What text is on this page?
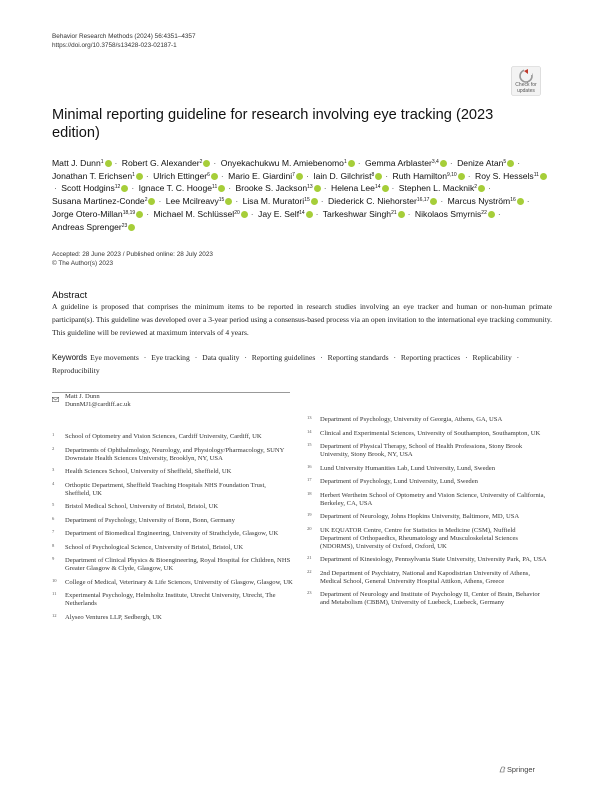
Behavior Research Methods (2024) 56:4351–4357
https://doi.org/10.3758/s13428-023-02187-1
Check for
updates
Minimal reporting guideline for research involving eye tracking (2023 edition)
Matt J. Dunn$^1$ · Robert G. Alexander$^2$ · Onyekachukwu M. Amiebenomo$^1$ · Gemma Arblaster$^{3,4}$ · Denize Atan$^5$ · Jonathan T. Erichsen$^1$ · Ulrich Ettinger$^6$ · Mario E. Giardini$^7$ · Iain D. Gilchrist$^8$ · Ruth Hamilton$^{9,10}$ · Roy S. Hessels$^{11}$· Scott Hodgins$^{12}$ · Ignace T. C. Hooge$^{11}$ · Brooke S. Jackson$^{13}$ · Helena Lee$^{14}$ · Stephen L. Macknik$^2$ · Susana Martinez-Conde$^2$ · Lee Mcilreavy$^{15}$ · Lisa M. Muratori$^{15}$ · Diederick C. Niehorster$^{16,17}$ · Marcus Nyström$^{16}$ · Jorge Otero-Millan$^{18,19}$ · Michael M. Schlüssel$^{20}$ · Jay E. Self$^{14}$ · Tarkeshwar Singh$^{21}$ · Nikolaos Smyrnis$^{22}$ · Andreas Sprenger$^{23}$
Accepted: 28 June 2023 / Published online: 28 July 2023
© The Author(s) 2023
Abstract
A guideline is proposed that comprises the minimum items to be reported in research studies involving an eye tracker and human or non-human primate participant(s). This guideline was developed over a 3-year period using a consensus-based process via an open invitation to the international eye tracking community. This guideline will be reviewed at maximum intervals of 4 years.
Keywords Eye movements · Eye tracking · Data quality · Reporting guidelines · Reporting standards · Reporting practices · Replicability · Reproducibility
Matt J. Dunn
DunnMJ1@cardiff.ac.uk
1 School of Optometry and Vision Sciences, Cardiff University, Cardiff, UK
2 Departments of Ophthalmology, Neurology, and Physiology/Pharmacology, SUNY Downstate Health Sciences University, Brooklyn, NY, USA
3 Health Sciences School, University of Sheffield, Sheffield, UK
4 Orthoptic Department, Sheffield Teaching Hospitals NHS Foundation Trust, Sheffield, UK
5 Bristol Medical School, University of Bristol, Bristol, UK
6 Department of Psychology, University of Bonn, Bonn, Germany
7 Department of Biomedical Engineering, University of Strathclyde, Glasgow, UK
8 School of Psychological Science, University of Bristol, Bristol, UK
9 Department of Clinical Physics & Bioengineering, Royal Hospital for Children, NHS Greater Glasgow & Clyde, Glasgow, UK
10 College of Medical, Veterinary & Life Sciences, University of Glasgow, Glasgow, UK
11 Experimental Psychology, Helmholtz Institute, Utrecht University, Utrecht, The Netherlands
12 Alyseo Ventures LLP, Sedbergh, UK
13 Department of Psychology, University of Georgia, Athens, GA, USA
14 Clinical and Experimental Sciences, University of Southampton, Southampton, UK
15 Department of Physical Therapy, School of Health Professions, Stony Brook University, Stony Brook, NY, USA
16 Lund University Humanities Lab, Lund University, Lund, Sweden
17 Department of Psychology, Lund University, Lund, Sweden
18 Herbert Wertheim School of Optometry and Vision Science, University of California, Berkeley, CA, USA
19 Department of Neurology, Johns Hopkins University, Baltimore, MD, USA
20 UK EQUATOR Centre, Centre for Statistics in Medicine (CSM), Nuffield Department of Orthopaedics, Rheumatology and Musculoskeletal Sciences (NDORMS), University of Oxford, Oxford, UK
21 Department of Kinesiology, Pennsylvania State University, University Park, PA, USA
22 2nd Department of Psychiatry, National and Kapodistrian University of Athens, Medical School, General University Hospital Attikon, Athens, Greece
23 Department of Neurology and Institute of Psychology II, Center of Brain, Behavior and Metabolism (CBBM), University of Luebeck, Luebeck, Germany
Springer
